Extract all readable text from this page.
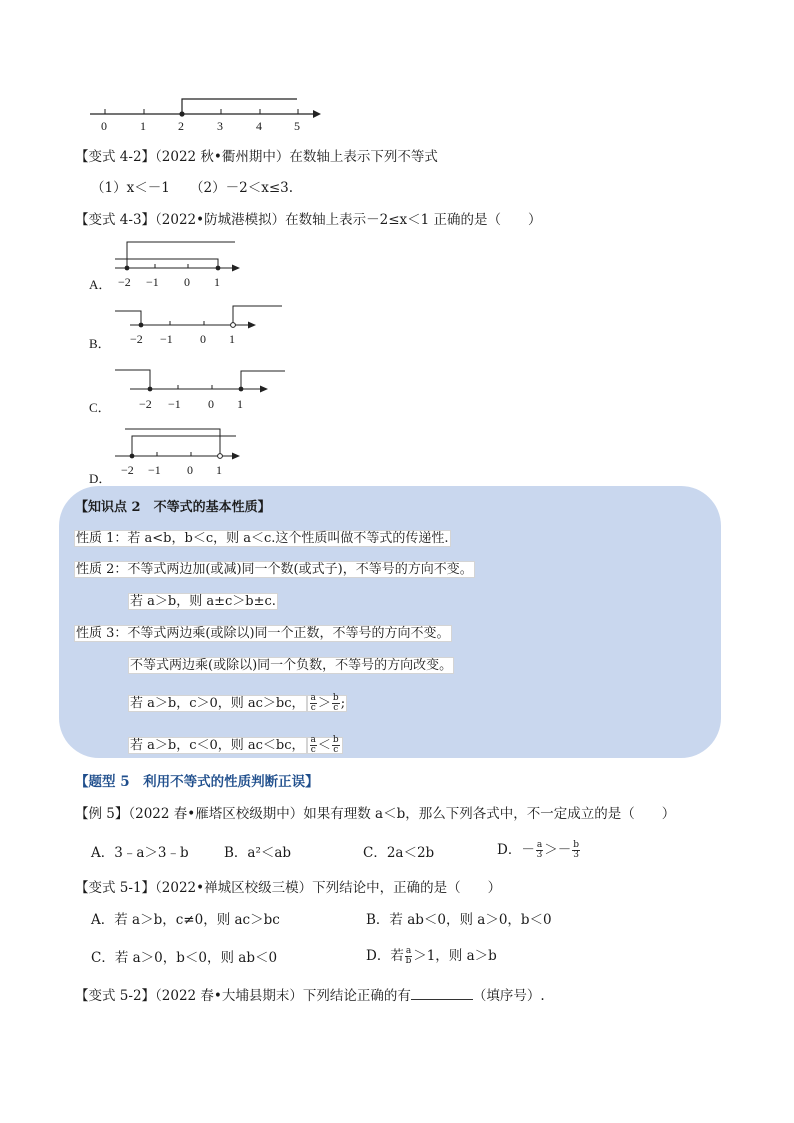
0	1	2	3	4	5
【变式 4-2】（2022 秋•衢州期中）在数轴上表示下列不等式
（1）x＜－1　　（2）－2＜x≤3.
【变式 4-3】（2022•防城港模拟）在数轴上表示－2≤x＜1 正确的是（　　）
A． −2 −1 0 1
B． −2 −1 0 1
C． −2 −1 0 1
D．
−2 −1 0 1
【知识点 2　不等式的基本性质】
性质 1：若 a<b，b＜c，则 a＜c.这个性质叫做不等式的传递性.
性质 2：不等式两边加(或减)同一个数(或式子)，不等号的方向不变。
若 a＞b，则 a±c＞b±c.
性质 3：不等式两边乘(或除以)同一个正数，不等号的方向不变。
不等式两边乘(或除以)同一个负数，不等号的方向改变。
若 a＞b，c＞0，则 ac＞bc， $\frac{a}{c} > \frac{b}{c}$ ;
若 a＞b，c＜0，则 ac＜bc， $\frac{a}{c} < \frac{b}{c}$
【题型 5　利用不等式的性质判断正误】
【例 5】（2022 春•雁塔区校级期中）如果有理数 a＜b，那么下列各式中，不一定成立的是（　　）
A．3﹣a＞3﹣b	B．a²＜ab	C．2a＜2b	D．－ $\frac{a}{3} >- \frac{b}{3}$
【变式 5-1】（2022•禅城区校级三模）下列结论中，正确的是（　　）
A．若 a＞b，c≠0，则 ac＞bc	B．若 ab＜0，则 a＞0，b＜0
C．若 a＞0，b＜0，则 ab＜0	D．若 $\frac{a}{b} >1$，则 a＞b
【变式 5-2】（2022 春•大埔县期末）下列结论正确的有	（填序号）.
